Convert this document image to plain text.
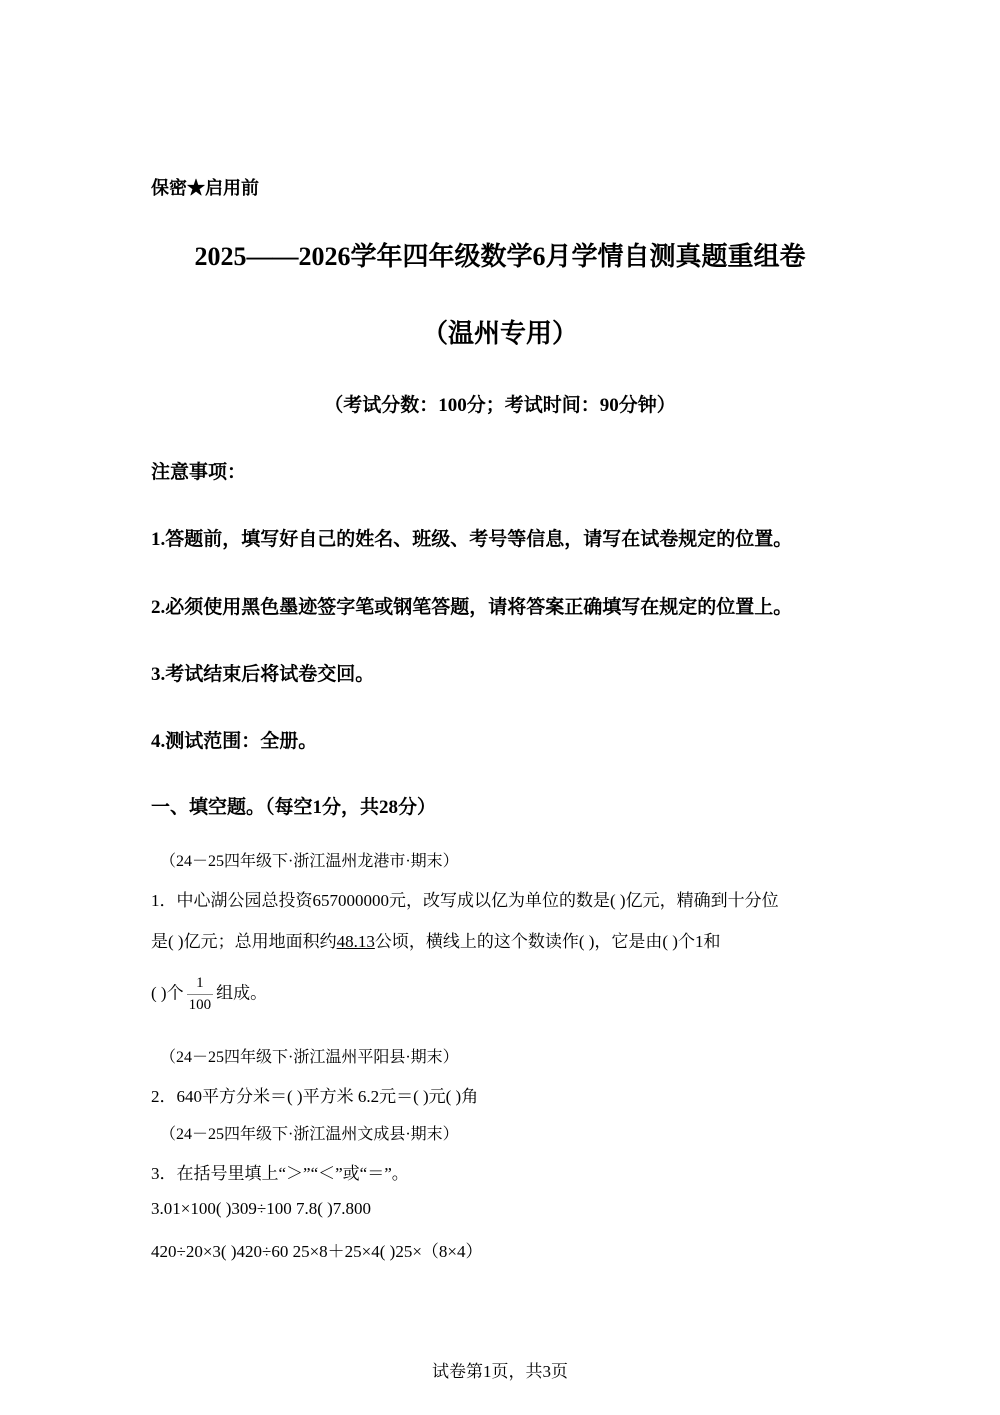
保密★启用前
2025——2026学年四年级数学6月学情自测真题重组卷
（温州专用）
（考试分数：100分；考试时间：90分钟）
注意事项：
1.答题前，填写好自己的姓名、班级、考号等信息，请写在试卷规定的位置。
2.必须使用黑色墨迹签字笔或钢笔答题，请将答案正确填写在规定的位置上。
3.考试结束后将试卷交回。
4.测试范围：全册。
一、填空题。（每空1分，共28分）
（24－25四年级下·浙江温州龙港市·期末）
1．中心湖公园总投资657000000元，改写成以亿为单位的数是( )亿元，精确到十分位
是( )亿元；总用地面积约48.13公顷，横线上的这个数读作( )，它是由( )个1和
( )个 $\frac{1}{100}$ 组成。
（24－25四年级下·浙江温州平阳县·期末）
2．640平方分米＝( )平方米 6.2元＝( )元( )角
（24－25四年级下·浙江温州文成县·期末）
3．在括号里填上“＞”“＜”或“＝”。
3.01×100( )309÷100 7.8( )7.800
420÷20×3( )420÷60 25×8＋25×4( )25×（8×4）
试卷第1页，共3页
